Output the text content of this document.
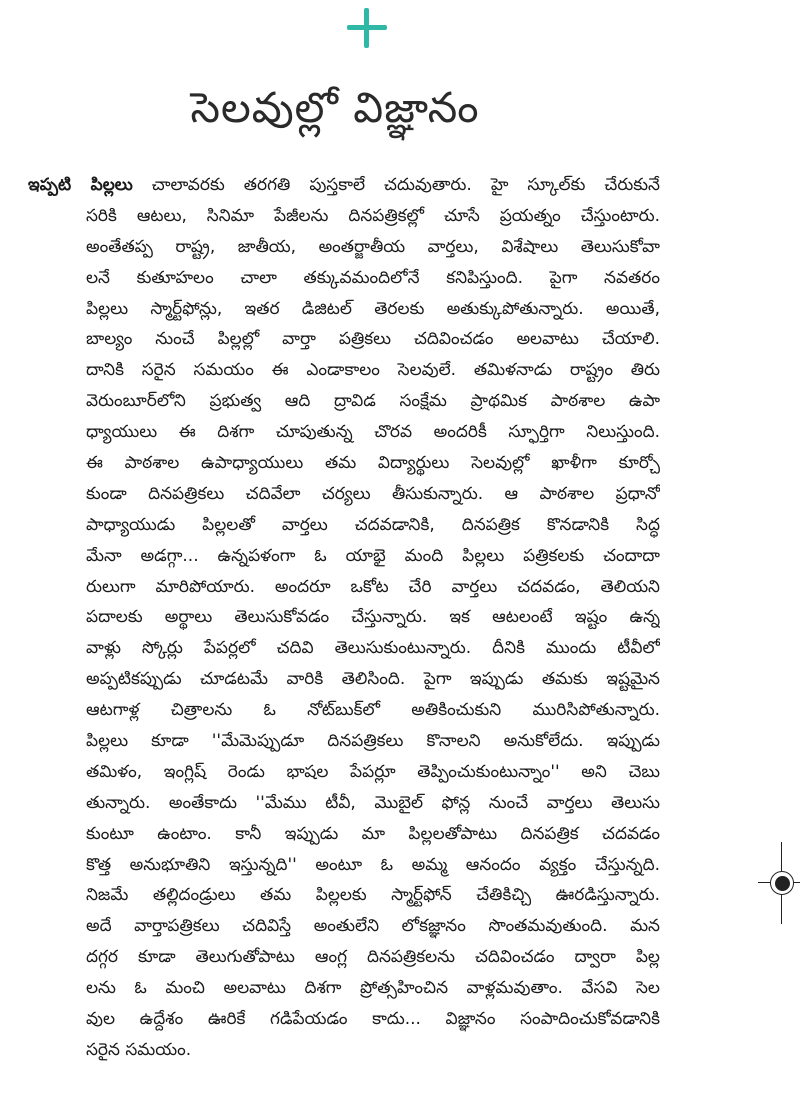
సెలవుల్లో విజ్ఞానం
ఇప్పటి పిల్లలు చాలావరకు తరగతి పుస్తకాలే చదువుతారు. హై స్కూల్‌కు చేరుకునే
సరికి ఆటలు, సినిమా పేజీలను దినపత్రికల్లో చూసే ప్రయత్నం చేస్తుంటారు.
అంతేతప్ప రాష్ట్ర, జాతీయ, అంతర్జాతీయ వార్తలు, విశేషాలు తెలుసుకోవా
లనే కుతూహలం చాలా తక్కువమందిలోనే కనిపిస్తుంది. పైగా నవతరం
పిల్లలు స్మార్ట్‌ఫోన్లు, ఇతర డిజిటల్ తెరలకు అతుక్కుపోతున్నారు. అయితే,
బాల్యం నుంచే పిల్లల్లో వార్తా పత్రికలు చదివించడం అలవాటు చేయాలి.
దానికి సరైన సమయం ఈ ఎండాకాలం సెలవులే. తమిళనాడు రాష్ట్రం తిరు
వెరుంబూర్‌లోని ప్రభుత్వ ఆది ద్రావిడ సంక్షేమ ప్రాథమిక పాఠశాల ఉపా
ధ్యాయులు ఈ దిశగా చూపుతున్న చొరవ అందరికీ స్ఫూర్తిగా నిలుస్తుంది.
ఈ పాఠశాల ఉపాధ్యాయులు తమ విద్యార్థులు సెలవుల్లో ఖాళీగా కూర్చో
కుండా దినపత్రికలు చదివేలా చర్యలు తీసుకున్నారు. ఆ పాఠశాల ప్రధానో
పాధ్యాయుడు పిల్లలతో వార్తలు చదవడానికి, దినపత్రిక కొనడానికి సిద్ధ
మేనా అడగ్గా... ఉన్నపళంగా ఓ యాభై మంది పిల్లలు పత్రికలకు చందాదా
రులుగా మారిపోయారు. అందరూ ఒకోట చేరి వార్తలు చదవడం, తెలియని
పదాలకు అర్థాలు తెలుసుకోవడం చేస్తున్నారు. ఇక ఆటలంటే ఇష్టం ఉన్న
వాళ్లు స్కోర్లు పేపర్లలో చదివి తెలుసుకుంటున్నారు. దీనికి ముందు టీవీలో
అప్పటికప్పుడు చూడటమే వారికి తెలిసింది. పైగా ఇప్పుడు తమకు ఇష్టమైన
ఆటగాళ్ల చిత్రాలను ఓ నోట్‌బుక్‌లో అతికించుకుని మురిసిపోతున్నారు.
పిల్లలు కూడా ''మేమెప్పుడూ దినపత్రికలు కొనాలని అనుకోలేదు. ఇప్పుడు
తమిళం, ఇంగ్లిష్ రెండు భాషల పేపర్లూ తెప్పించుకుంటున్నాం'' అని చెబు
తున్నారు. అంతేకాదు ''మేము టీవీ, మొబైల్ ఫోన్ల నుంచే వార్తలు తెలుసు
కుంటూ ఉంటాం. కానీ ఇప్పుడు మా పిల్లలతోపాటు దినపత్రిక చదవడం
కొత్త అనుభూతిని ఇస్తున్నది'' అంటూ ఓ అమ్మ ఆనందం వ్యక్తం చేస్తున్నది.
నిజమే తల్లిదండ్రులు తమ పిల్లలకు స్మార్ట్‌ఫోన్ చేతికిచ్చి ఊరడిస్తున్నారు.
అదే వార్తాపత్రికలు చదివిస్తే అంతులేని లోకజ్ఞానం సొంతమవుతుంది. మన
దగ్గర కూడా తెలుగుతోపాటు ఆంగ్ల దినపత్రికలను చదివించడం ద్వారా పిల్ల
లను ఓ మంచి అలవాటు దిశగా ప్రోత్సహించిన వాళ్లమవుతాం. వేసవి సెల
వుల ఉద్దేశం ఊరికే గడిపేయడం కాదు... విజ్ఞానం సంపాదించుకోవడానికి
సరైన సమయం.
